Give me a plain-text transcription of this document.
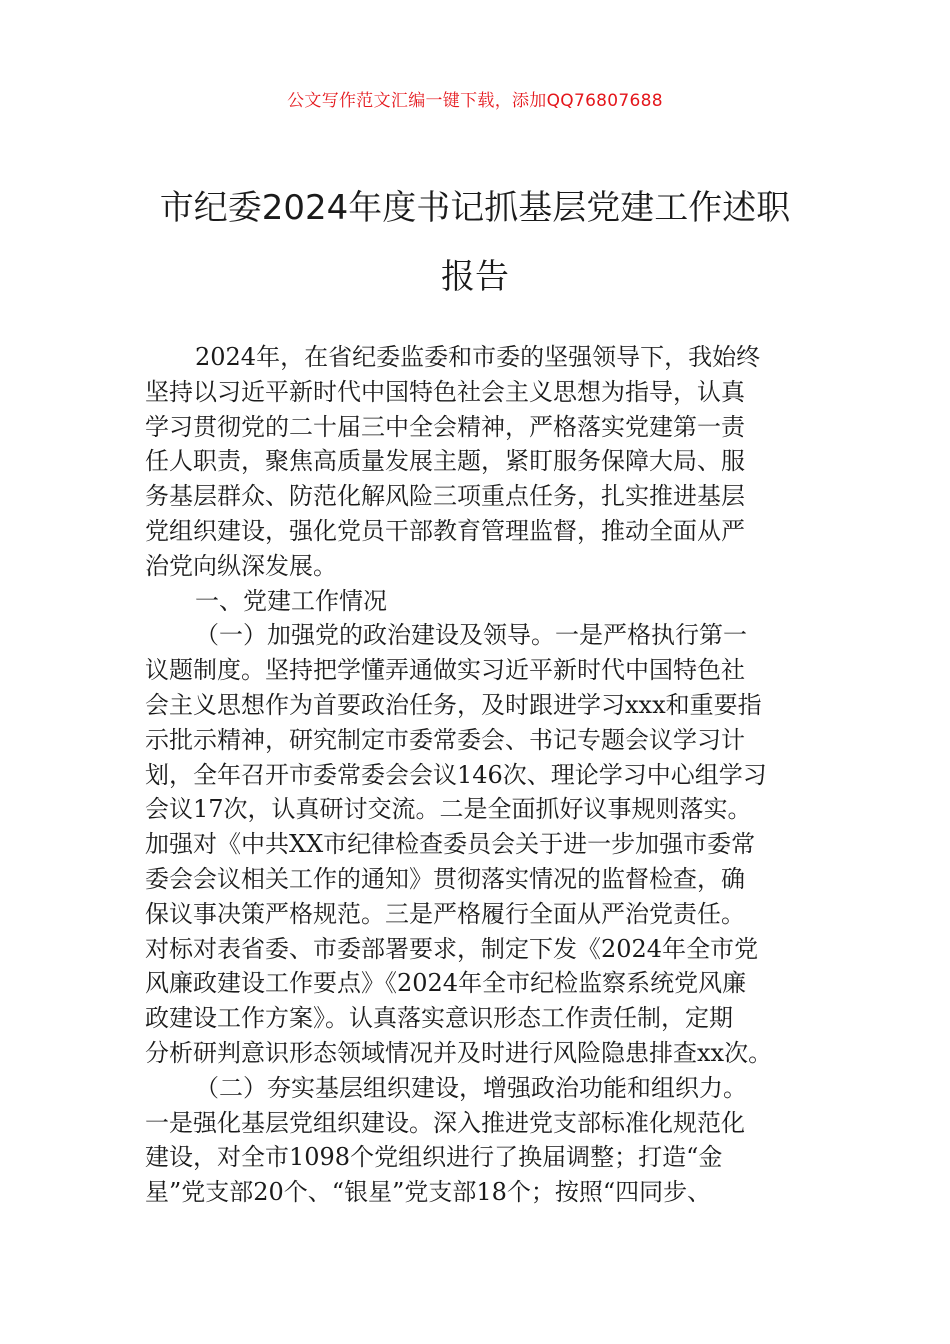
公文写作范文汇编一键下载，添加QQ76807688
市纪委2024年度书记抓基层党建工作述职
报告
2024年，在省纪委监委和市委的坚强领导下，我始终
坚持以习近平新时代中国特色社会主义思想为指导，认真
学习贯彻党的二十届三中全会精神，严格落实党建第一责
任人职责，聚焦高质量发展主题，紧盯服务保障大局、服
务基层群众、防范化解风险三项重点任务，扎实推进基层
党组织建设，强化党员干部教育管理监督，推动全面从严
治党向纵深发展。
一、党建工作情况
（一）加强党的政治建设及领导。一是严格执行第一
议题制度。坚持把学懂弄通做实习近平新时代中国特色社
会主义思想作为首要政治任务，及时跟进学习xxx和重要指
示批示精神，研究制定市委常委会、书记专题会议学习计
划，全年召开市委常委会会议146次、理论学习中心组学习
会议17次，认真研讨交流。二是全面抓好议事规则落实。
加强对《中共XX市纪律检查委员会关于进一步加强市委常
委会会议相关工作的通知》贯彻落实情况的监督检查，确
保议事决策严格规范。三是严格履行全面从严治党责任。
对标对表省委、市委部署要求，制定下发《2024年全市党
风廉政建设工作要点》《2024年全市纪检监察系统党风廉
政建设工作方案》。认真落实意识形态工作责任制，定期
分析研判意识形态领域情况并及时进行风险隐患排查xx次。
（二）夯实基层组织建设，增强政治功能和组织力。
一是强化基层党组织建设。深入推进党支部标准化规范化
建设，对全市1098个党组织进行了换届调整；打造“金
星”党支部20个、“银星”党支部18个；按照“四同步、
